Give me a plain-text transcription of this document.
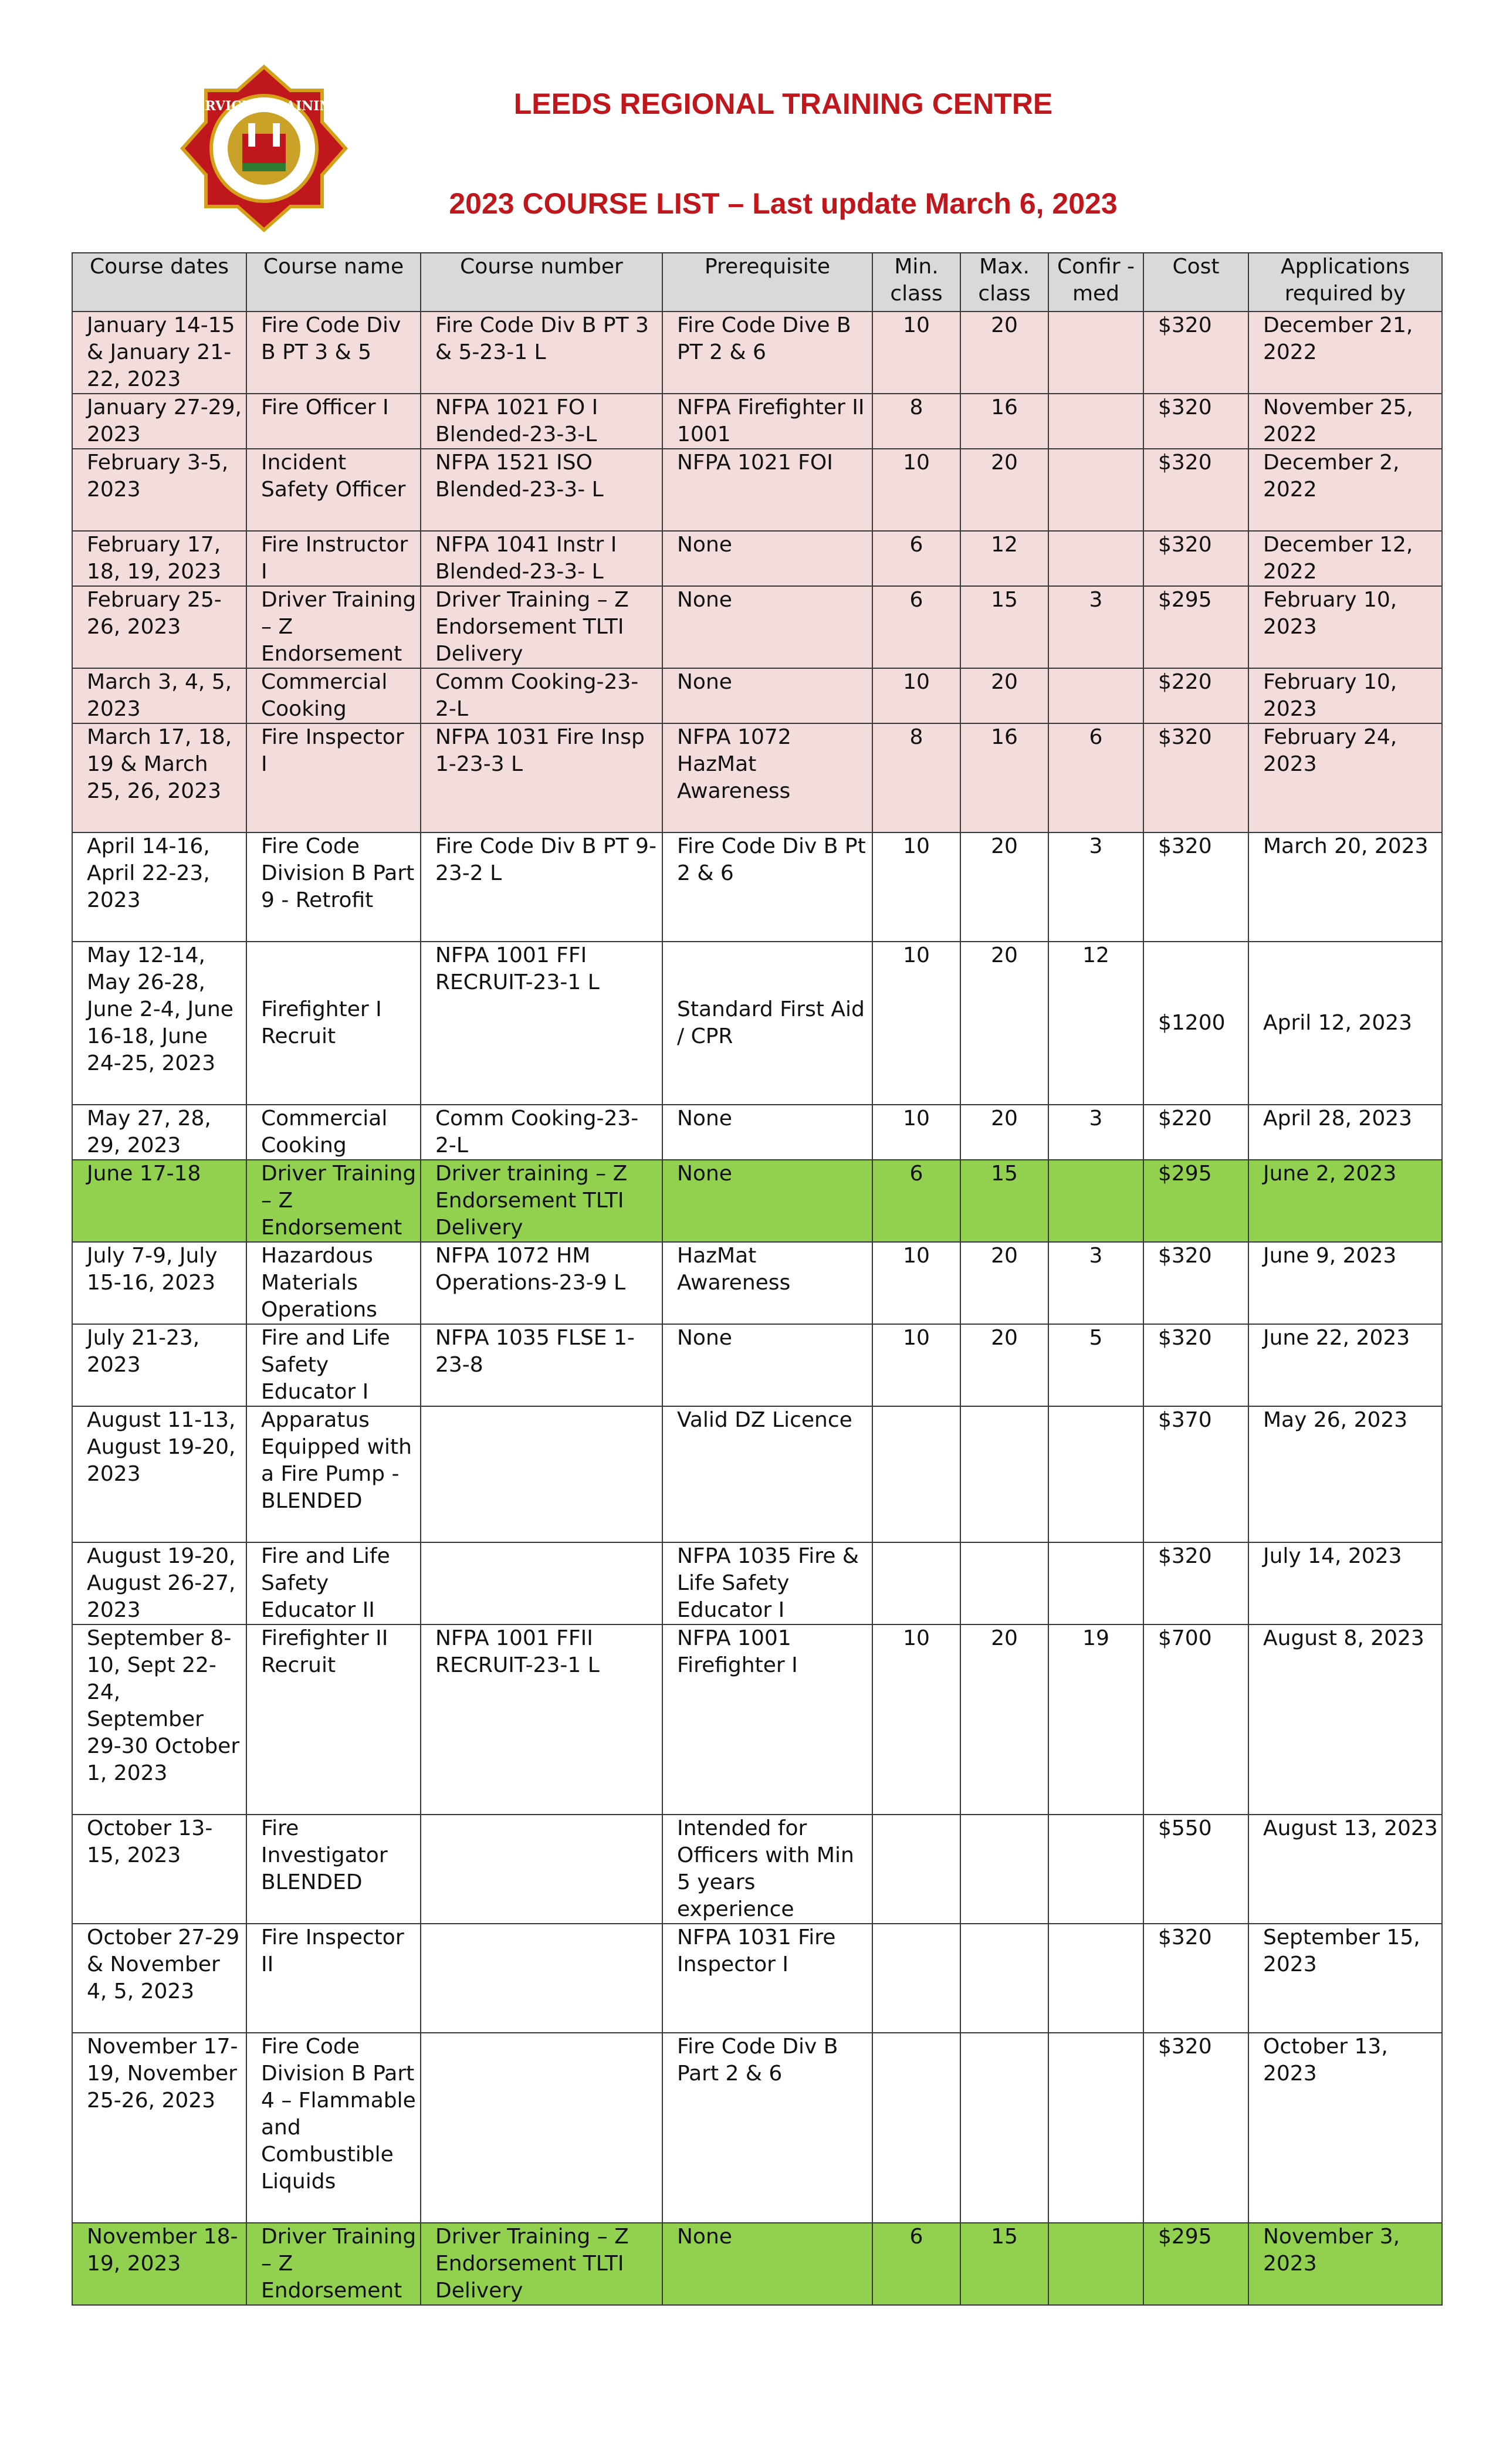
TLTI EMERGENCY SERVICES TRAINING CENTRE Est. 2010	LEEDS REGIONAL TRAINING CENTRE
2023 COURSE LIST – Last update March 6, 2023
Course dates	Course name	Course number	Prerequisite	Min. class	Max. class	Confir -med	Cost	Applications required by
January 14-15 & January 21-22, 2023	Fire Code Div B PT 3 & 5	Fire Code Div B PT 3 & 5-23-1 L	Fire Code Dive B PT 2 & 6	10	20		$320	December 21, 2022
January 27-29, 2023	Fire Officer I	NFPA 1021 FO I Blended-23-3-L	NFPA Firefighter II 1001	8	16		$320	November 25, 2022
February 3-5, 2023	Incident Safety Officer	NFPA 1521 ISO Blended-23-3- L	NFPA 1021 FOI	10	20		$320	December 2, 2022
February 17, 18, 19, 2023	Fire Instructor I	NFPA 1041 Instr I Blended-23-3- L	None	6	12		$320	December 12, 2022
February 25-26, 2023	Driver Training – Z Endorsement	Driver Training – Z Endorsement TLTI Delivery	None	6	15	3	$295	February 10, 2023
March 3, 4, 5, 2023	Commercial Cooking	Comm Cooking-23-2-L	None	10	20		$220	February 10, 2023
March 17, 18, 19 & March 25, 26, 2023	Fire Inspector I	NFPA 1031 Fire Insp 1-23-3 L	NFPA 1072 HazMat Awareness	8	16	6	$320	February 24, 2023
April 14-16, April 22-23, 2023	Fire Code Division B Part 9 - Retrofit	Fire Code Div B PT 9-23-2 L	Fire Code Div B Pt 2 & 6	10	20	3	$320	March 20, 2023
May 12-14, May 26-28, June 2-4, June 16-18, June 24-25, 2023	Firefighter I Recruit	NFPA 1001 FFI RECRUIT-23-1 L	Standard First Aid / CPR	10	20	12	$1200	April 12, 2023
May 27, 28, 29, 2023	Commercial Cooking	Comm Cooking-23-2-L	None	10	20	3	$220	April 28, 2023
June 17-18	Driver Training – Z Endorsement	Driver training – Z Endorsement TLTI Delivery	None	6	15		$295	June 2, 2023
July 7-9, July 15-16, 2023	Hazardous Materials Operations	NFPA 1072 HM Operations-23-9 L	HazMat Awareness	10	20	3	$320	June 9, 2023
July 21-23, 2023	Fire and Life Safety Educator I	NFPA 1035 FLSE 1-23-8	None	10	20	5	$320	June 22, 2023
August 11-13, August 19-20, 2023	Apparatus Equipped with a Fire Pump - BLENDED		Valid DZ Licence				$370	May 26, 2023
August 19-20, August 26-27, 2023	Fire and Life Safety Educator II		NFPA 1035 Fire & Life Safety Educator I				$320	July 14, 2023
September 8-10, Sept 22-24, September 29-30 October 1, 2023	Firefighter II Recruit	NFPA 1001 FFII RECRUIT-23-1 L	NFPA 1001 Firefighter I	10	20	19	$700	August 8, 2023
October 13-15, 2023	Fire Investigator BLENDED		Intended for Officers with Min 5 years experience				$550	August 13, 2023
October 27-29 & November 4, 5, 2023	Fire Inspector II		NFPA 1031 Fire Inspector I				$320	September 15, 2023
November 17-19, November 25-26, 2023	Fire Code Division B Part 4 – Flammable and Combustible Liquids		Fire Code Div B Part 2 & 6				$320	October 13, 2023
November 18-19, 2023	Driver Training – Z Endorsement	Driver Training – Z Endorsement TLTI Delivery	None	6	15		$295	November 3, 2023
